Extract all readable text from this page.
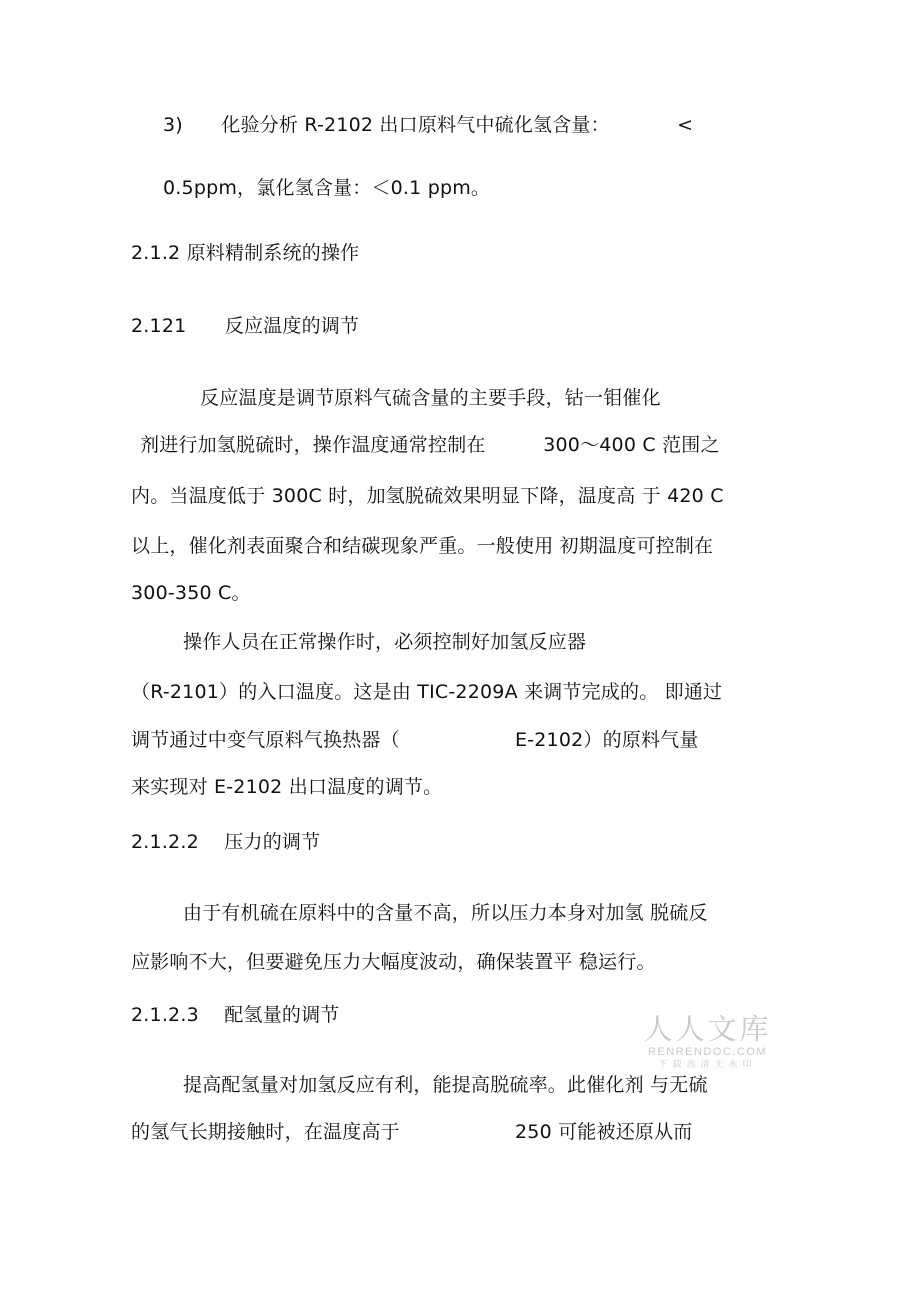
3)　　化验分析 R-2102 出口原料气中硫化氢含量：　　　　<
0.5ppm，氯化氢含量：＜0.1 ppm。
2.1.2 原料精制系统的操作
2.121　　反应温度的调节
反应温度是调节原料气硫含量的主要手段，钴一钼催化
剂进行加氢脱硫时，操作温度通常控制在　　　300～400 C 范围之
内。当温度低于 300C 时，加氢脱硫效果明显下降，温度高 于 420 C
以上，催化剂表面聚合和结碳现象严重。一般使用 初期温度可控制在
300-350 C。
操作人员在正常操作时，必须控制好加氢反应器
（R-2101）的入口温度。这是由 TIC-2209A 来调节完成的。 即通过
调节通过中变气原料气换热器（　　　　　　E-2102）的原料气量
来实现对 E-2102 出口温度的调节。
2.1.2.2　 压力的调节
由于有机硫在原料中的含量不高，所以压力本身对加氢 脱硫反
应影响不大，但要避免压力大幅度波动，确保装置平 稳运行。
2.1.2.3　 配氢量的调节
提高配氢量对加氢反应有利，能提高脱硫率。此催化剂 与无硫
的氢气长期接触时，在温度高于　　　　　　250 可能被还原从而
人人文库
RENRENDOC.COM
下载高清无水印
